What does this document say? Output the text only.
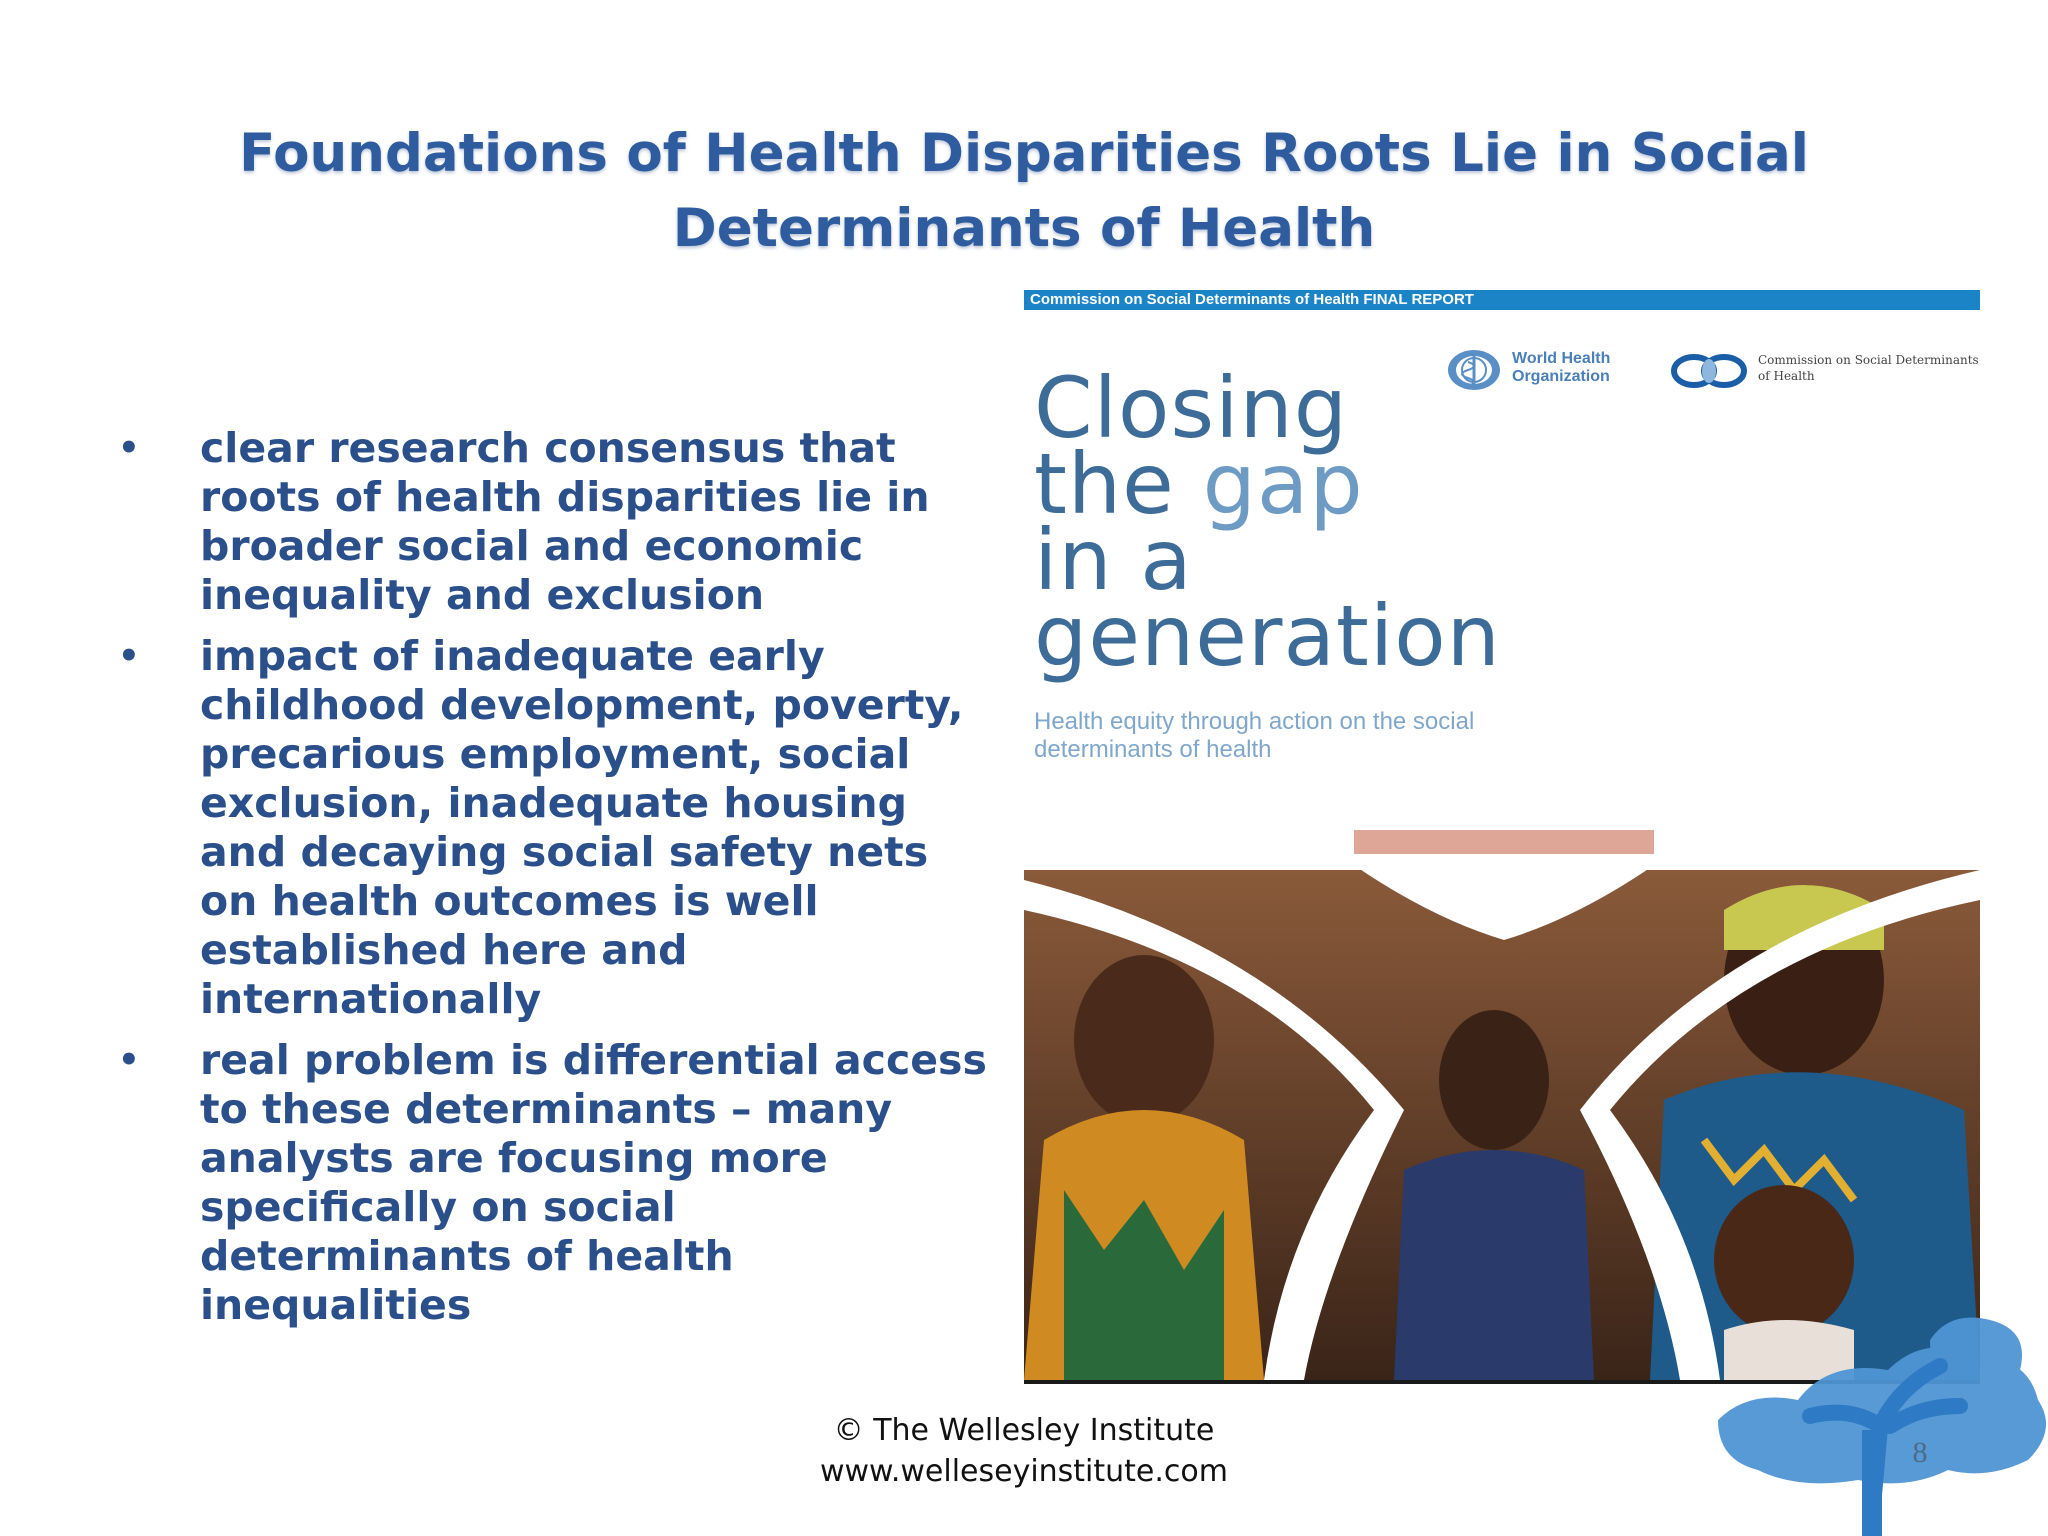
Foundations of Health Disparities Roots Lie in Social Determinants of Health
• clear research consensus that roots of health disparities lie in broader social and economic inequality and exclusion
• impact of inadequate early childhood development, poverty, precarious employment, social exclusion, inadequate housing and decaying social safety nets on health outcomes is well established here and internationally
• real problem is differential access to these determinants – many analysts are focusing more specifically on social determinants of health inequalities
Commission on Social Determinants of Health FINAL REPORT
World Health Organization
Commission on Social Determinants of Health
Closing
the gap
in a
generation
Health equity through action on the social determinants of health
© The Wellesley Institute
www.welleseyinstitute.com
8
